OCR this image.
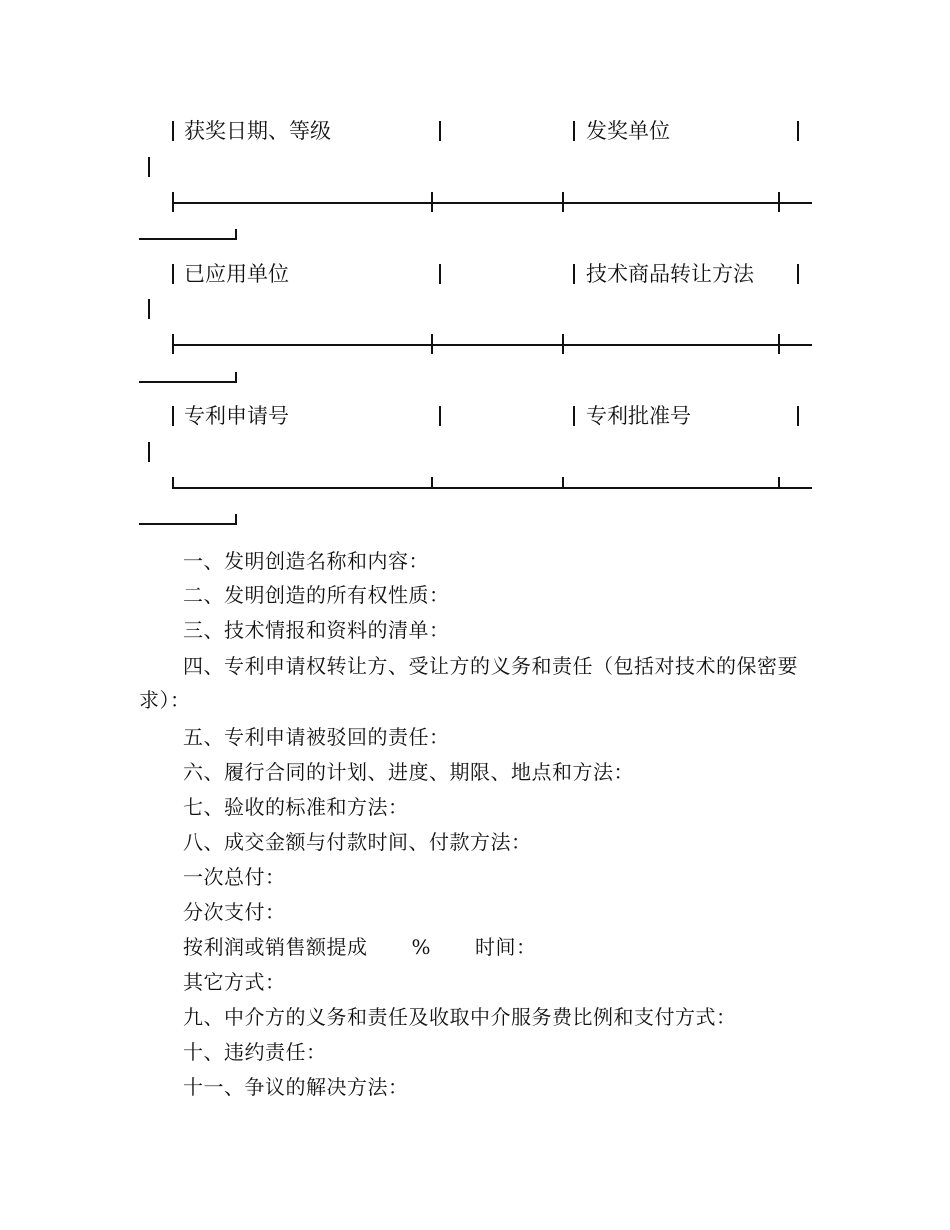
获奖日期、等级	发奖单位
已应用单位	技术商品转让方法
专利申请号	专利批准号
一、发明创造名称和内容：
二、发明创造的所有权性质：
三、技术情报和资料的清单：
四、专利申请权转让方、受让方的义务和责任（包括对技术的保密要求）：
五、专利申请被驳回的责任：
六、履行合同的计划、进度、期限、地点和方法：
七、验收的标准和方法：
八、成交金额与付款时间、付款方法：
一次总付：
分次支付：
按利润或销售额提成 % 时间：
其它方式：
九、中介方的义务和责任及收取中介服务费比例和支付方式：
十、违约责任：
十一、争议的解决方法：
